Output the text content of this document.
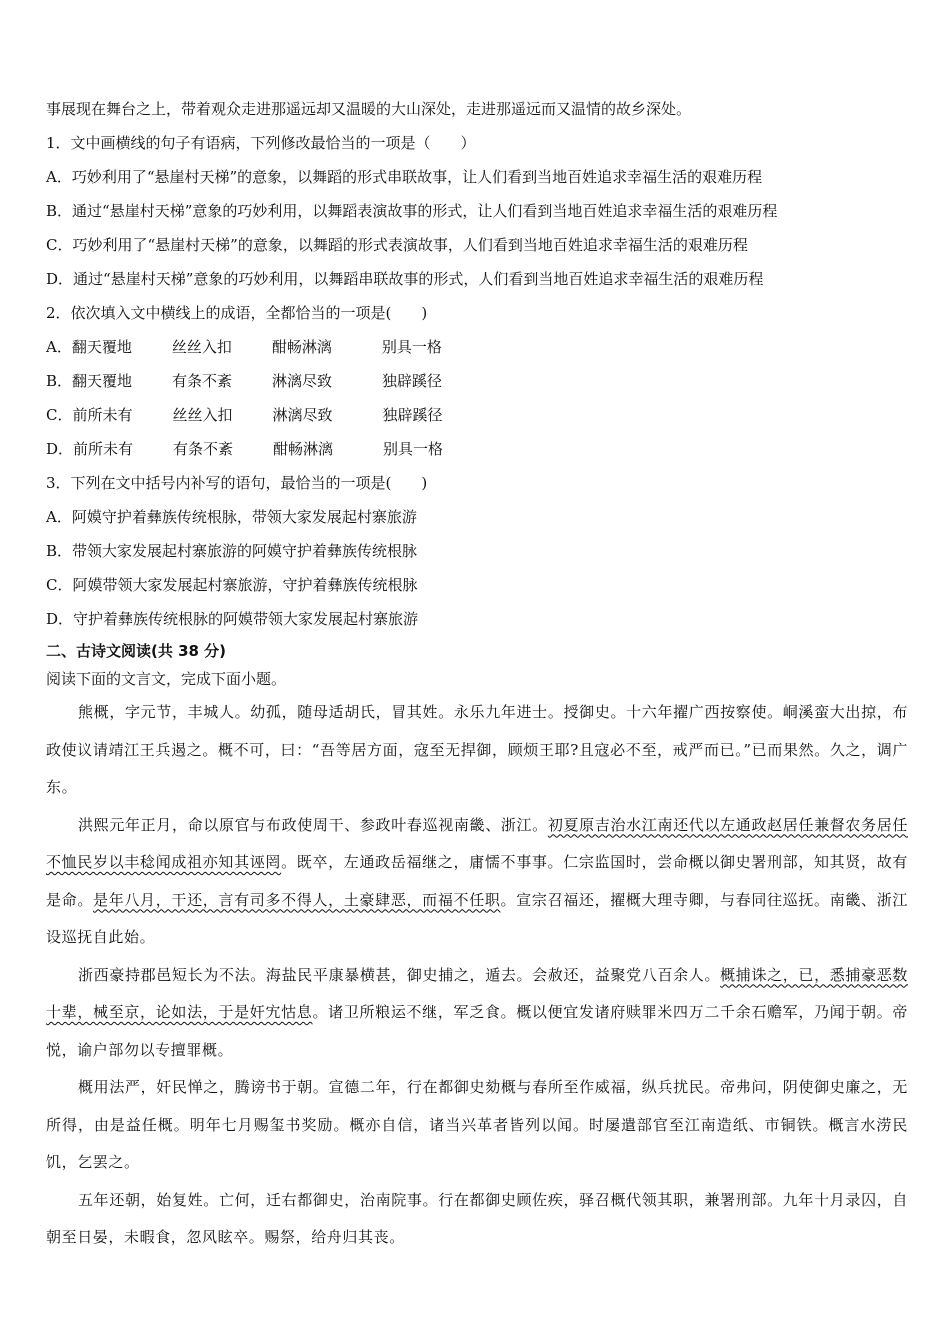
事展现在舞台之上，带着观众走进那遥远却又温暖的大山深处，走进那遥远而又温情的故乡深处。
1．文中画横线的句子有语病，下列修改最恰当的一项是（　　）
A．巧妙利用了“悬崖村天梯”的意象，以舞蹈的形式串联故事，让人们看到当地百姓追求幸福生活的艰难历程
B．通过“悬崖村天梯”意象的巧妙利用，以舞蹈表演故事的形式，让人们看到当地百姓追求幸福生活的艰难历程
C．巧妙利用了“悬崖村天梯”的意象，以舞蹈的形式表演故事，人们看到当地百姓追求幸福生活的艰难历程
D．通过“悬崖村天梯”意象的巧妙利用，以舞蹈串联故事的形式，人们看到当地百姓追求幸福生活的艰难历程
2．依次填入文中横线上的成语，全都恰当的一项是(　　)
A．翻天覆地	丝丝入扣	酣畅淋漓	别具一格
B．翻天覆地	有条不紊	淋漓尽致	独辟蹊径
C．前所未有	丝丝入扣	淋漓尽致	独辟蹊径
D．前所未有	有条不紊	酣畅淋漓	别具一格
3．下列在文中括号内补写的语句，最恰当的一项是(　　)
A．阿嫫守护着彝族传统根脉，带领大家发展起村寨旅游
B．带领大家发展起村寨旅游的阿嫫守护着彝族传统根脉
C．阿嫫带领大家发展起村寨旅游，守护着彝族传统根脉
D．守护着彝族传统根脉的阿嫫带领大家发展起村寨旅游
二、古诗文阅读(共 38 分)
阅读下面的文言文，完成下面小题。
熊概，字元节，丰城人。幼孤，随母适胡氏，冒其姓。永乐九年进士。授御史。十六年擢广西按察使。峒溪蛮大出掠，布政使议请靖江王兵遏之。概不可，曰：“吾等居方面，寇至无捍御，顾烦王耶?且寇必不至，戒严而已。”已而果然。久之，调广东。
洪熙元年正月，命以原官与布政使周干、参政叶春巡视南畿、浙江。初夏原吉治水江南还代以左通政赵居任兼督农务居任不恤民岁以丰稔闻成祖亦知其诬罔。既卒，左通政岳福继之，庸懦不事事。仁宗监国时，尝命概以御史署刑部，知其贤，故有是命。是年八月，干还，言有司多不得人，土豪肆恶，而福不任职。宣宗召福还，擢概大理寺卿，与春同往巡抚。南畿、浙江设巡抚自此始。
浙西豪持郡邑短长为不法。海盐民平康暴横甚，御史捕之，遁去。会赦还，益聚党八百余人。概捕诛之，已，悉捕豪恶数十辈，械至京，论如法，于是奸宄怙息。诸卫所粮运不继，军乏食。概以便宜发诸府赎罪米四万二千余石赡军，乃闻于朝。帝悦，谕户部勿以专擅罪概。
概用法严，奸民惮之，腾谤书于朝。宣德二年，行在都御史劾概与春所至作威福，纵兵扰民。帝弗问，阴使御史廉之，无所得，由是益任概。明年七月赐玺书奖励。概亦自信，诸当兴革者皆列以闻。时屡遣部官至江南造纸、市铜铁。概言水涝民饥，乞罢之。
五年还朝，始复姓。亡何，迁右都御史，治南院事。行在都御史顾佐疾，驿召概代领其职，兼署刑部。九年十月录囚，自朝至日晏，未暇食，忽风眩卒。赐祭，给舟归其丧。
